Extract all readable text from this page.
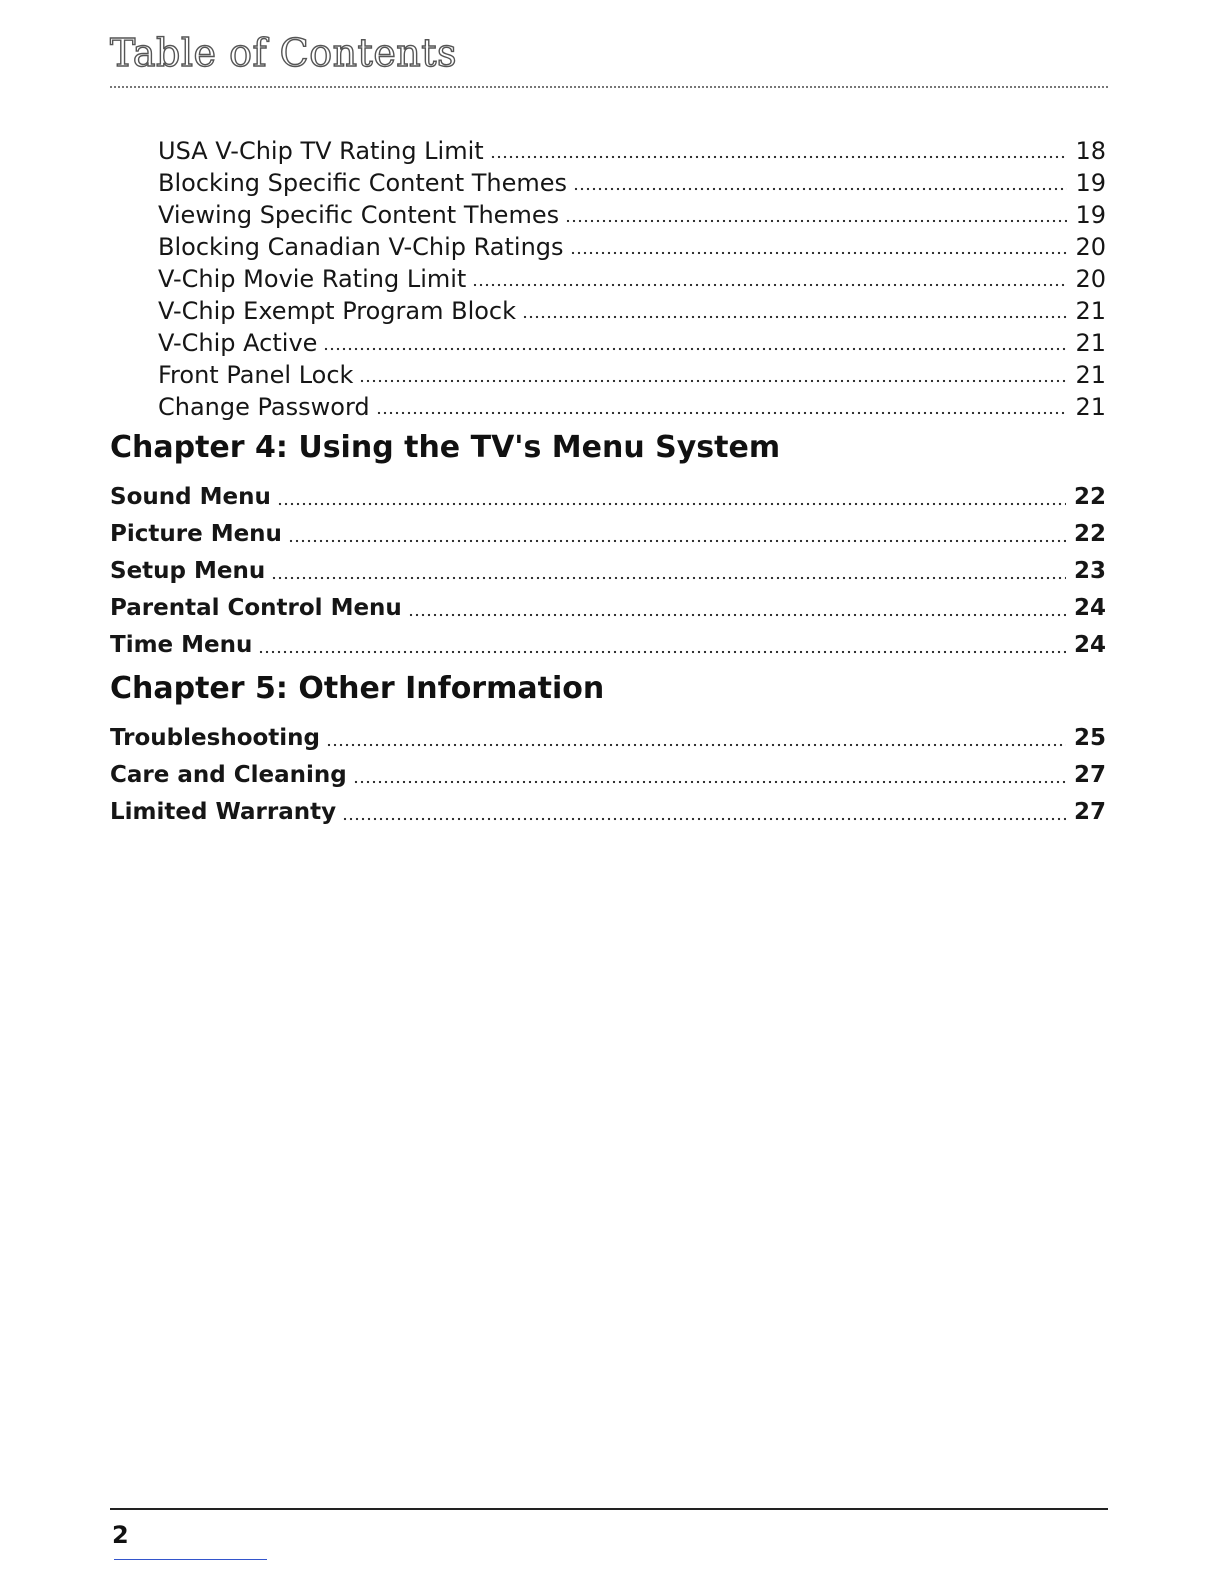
Table of Contents
USA V-Chip TV Rating Limit	18
Blocking Specific Content Themes	19
Viewing Specific Content Themes	19
Blocking Canadian V-Chip Ratings	20
V-Chip Movie Rating Limit	20
V-Chip Exempt Program Block	21
V-Chip Active	21
Front Panel Lock	21
Change Password	21
Chapter 4: Using the TV's Menu System
Sound Menu	22
Picture Menu	22
Setup Menu	23
Parental Control Menu	24
Time Menu	24
Chapter 5: Other Information
Troubleshooting	25
Care and Cleaning	27
Limited Warranty	27
2
